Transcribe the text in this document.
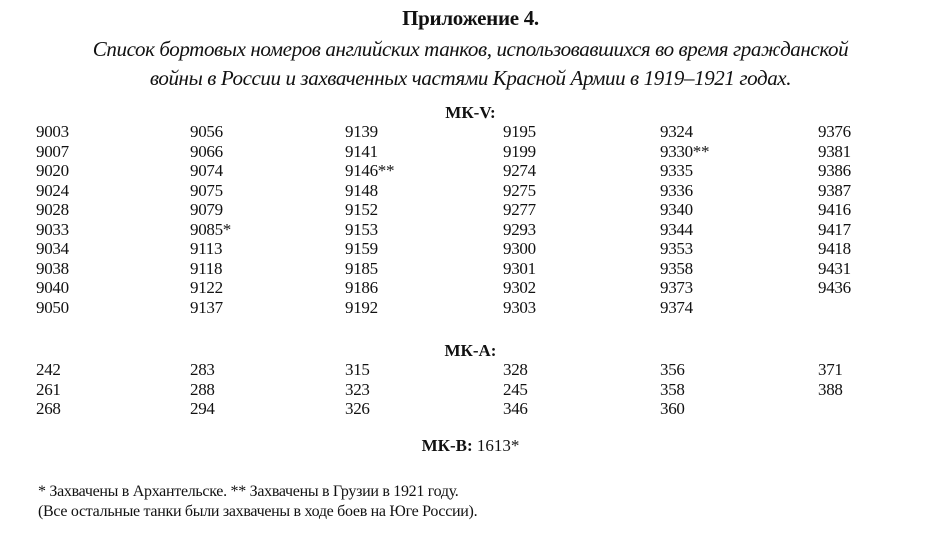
Приложение 4.
Список бортовых номеров английских танков, использовавшихся во время гражданской
войны в России и захваченных частями Красной Армии в 1919–1921 годах.
МК-V:
9003
9007
9020
9024
9028
9033
9034
9038
9040
9050
9056
9066
9074
9075
9079
9085*
9113
9118
9122
9137
9139
9141
9146**
9148
9152
9153
9159
9185
9186
9192
9195
9199
9274
9275
9277
9293
9300
9301
9302
9303
9324
9330**
9335
9336
9340
9344
9353
9358
9373
9374
9376
9381
9386
9387
9416
9417
9418
9431
9436
МК-А:
242
261
268
283
288
294
315
323
326
328
245
346
356
358
360
371
388
МК-В: 1613*
* Захвачены в Архантельске. ** Захвачены в Грузии в 1921 году.
(Все остальные танки были захвачены в ходе боев на Юге России).
